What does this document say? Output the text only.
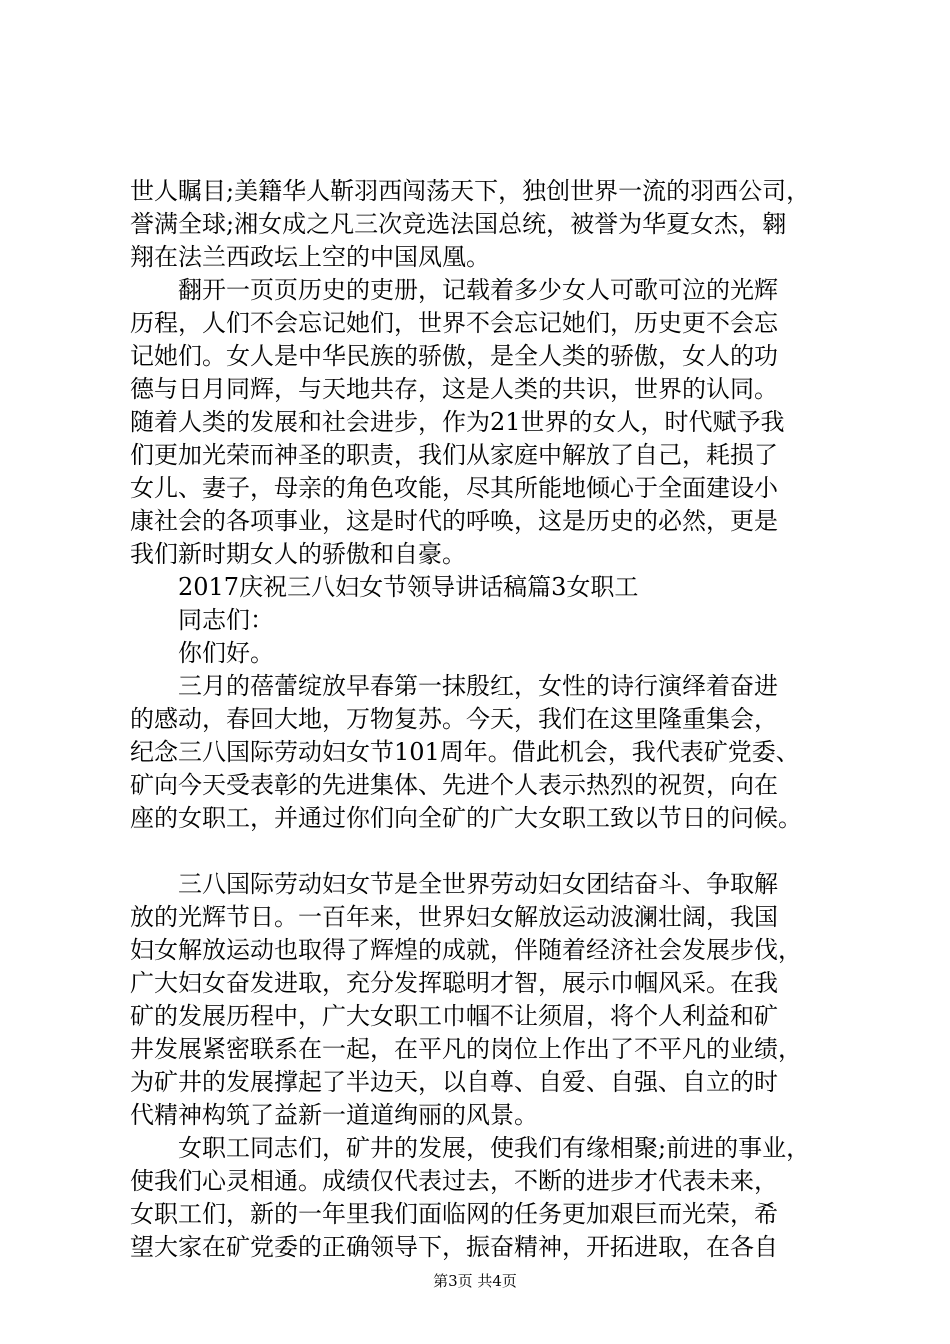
世人瞩目;美籍华人靳羽西闯荡天下，独创世界一流的羽西公司，
誉满全球;湘女成之凡三次竞选法国总统，被誉为华夏女杰，翱
翔在法兰西政坛上空的中国凤凰。
翻开一页页历史的吏册，记载着多少女人可歌可泣的光辉
历程，人们不会忘记她们，世界不会忘记她们，历史更不会忘
记她们。女人是中华民族的骄傲，是全人类的骄傲，女人的功
德与日月同辉，与天地共存，这是人类的共识，世界的认同。
随着人类的发展和社会进步，作为21世界的女人，时代赋予我
们更加光荣而神圣的职责，我们从家庭中解放了自己，耗损了
女儿、妻子，母亲的角色攻能，尽其所能地倾心于全面建设小
康社会的各项事业，这是时代的呼唤，这是历史的必然，更是
我们新时期女人的骄傲和自豪。
2017庆祝三八妇女节领导讲话稿篇3女职工
同志们：
你们好。
三月的蓓蕾绽放早春第一抹殷红，女性的诗行演绎着奋进
的感动，春回大地，万物复苏。今天，我们在这里隆重集会，
纪念三八国际劳动妇女节101周年。借此机会，我代表矿党委、
矿向今天受表彰的先进集体、先进个人表示热烈的祝贺，向在
座的女职工，并通过你们向全矿的广大女职工致以节日的问候。
三八国际劳动妇女节是全世界劳动妇女团结奋斗、争取解
放的光辉节日。一百年来，世界妇女解放运动波澜壮阔，我国
妇女解放运动也取得了辉煌的成就，伴随着经济社会发展步伐，
广大妇女奋发进取，充分发挥聪明才智，展示巾帼风采。在我
矿的发展历程中，广大女职工巾帼不让须眉，将个人利益和矿
井发展紧密联系在一起，在平凡的岗位上作出了不平凡的业绩，
为矿井的发展撑起了半边天，以自尊、自爱、自强、自立的时
代精神构筑了益新一道道绚丽的风景。
女职工同志们，矿井的发展，使我们有缘相聚;前进的事业，
使我们心灵相通。成绩仅代表过去，不断的进步才代表未来，
女职工们，新的一年里我们面临网的任务更加艰巨而光荣，希
望大家在矿党委的正确领导下，振奋精神，开拓进取，在各自
第3页 共4页
